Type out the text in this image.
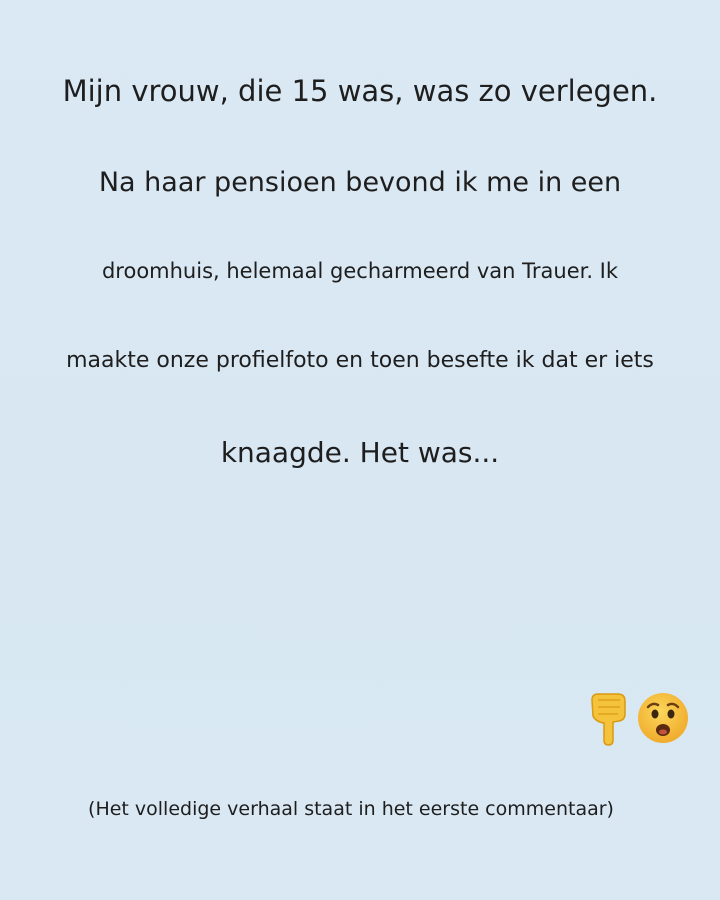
Mijn vrouw, die 15 was, was zo verlegen.
Na haar pensioen bevond ik me in een
droomhuis, helemaal gecharmeerd van Trauer. Ik
maakte onze profielfoto en toen besefte ik dat er iets
knaagde. Het was...
(Het volledige verhaal staat in het eerste commentaar)
